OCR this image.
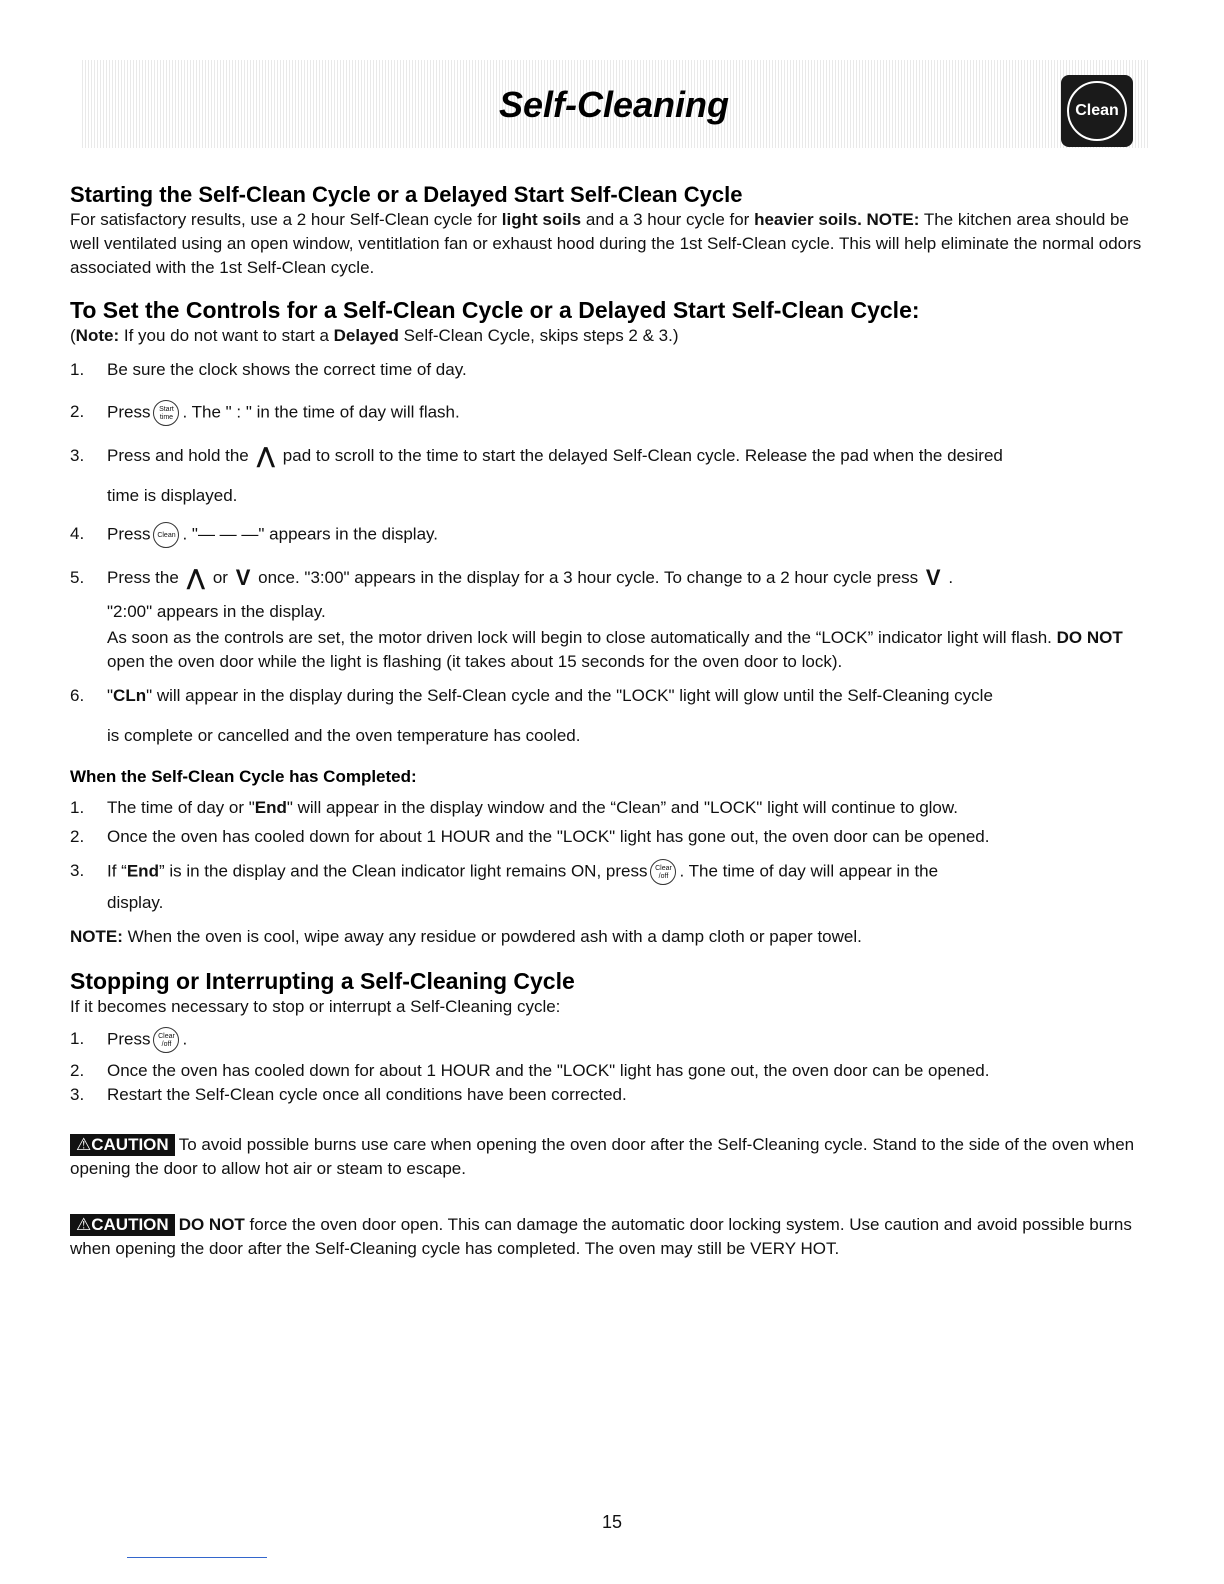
Self-Cleaning	Clean
Starting the Self-Clean Cycle or a Delayed Start Self-Clean Cycle

For satisfactory results, use a 2 hour Self-Clean cycle for light soils and a 3 hour cycle for heavier soils. NOTE: The kitchen area should be well ventilated using an open window, ventitlation fan or exhaust hood during the 1st Self-Clean cycle. This will help eliminate the normal odors associated with the 1st Self-Clean cycle.

To Set the Controls for a Self-Clean Cycle or a Delayed Start Self-Clean Cycle:

(Note: If you do not want to start a Delayed Self-Clean Cycle, skips steps 2 & 3.)

1. Be sure the clock shows the correct time of day.
2. Press Start time . The " : " in the time of day will flash.
3. Press and hold the ⋀ pad to scroll to the time to start the delayed Self-Clean cycle. Release the pad when the desired
time is displayed.
4. Press Clean . "— — —" appears in the display.
5. Press the ⋀ or V once. "3:00" appears in the display for a 3 hour cycle. To change to a 2 hour cycle press V .
"2:00" appears in the display.
As soon as the controls are set, the motor driven lock will begin to close automatically and the “LOCK” indicator light will flash. DO NOT open the oven door while the light is flashing (it takes about 15 seconds for the oven door to lock).
6. "CLn" will appear in the display during the Self-Clean cycle and the "LOCK" light will glow until the Self-Cleaning cycle
is complete or cancelled and the oven temperature has cooled.
When the Self-Clean Cycle has Completed:
1. The time of day or "End" will appear in the display window and the “Clean” and "LOCK" light will continue to glow.
2. Once the oven has cooled down for about 1 HOUR and the "LOCK" light has gone out, the oven door can be opened.
3. If “End” is in the display and the Clean indicator light remains ON, press Clear /off . The time of day will appear in the
display.

NOTE: When the oven is cool, wipe away any residue or powdered ash with a damp cloth or paper towel.

Stopping or Interrupting a Self-Cleaning Cycle

If it becomes necessary to stop or interrupt a Self-Cleaning cycle:

1. Press Clear /off .
2. Once the oven has cooled down for about 1 HOUR and the "LOCK" light has gone out, the oven door can be opened.
3. Restart the Self-Clean cycle once all conditions have been corrected.

⚠CAUTION To avoid possible burns use care when opening the oven door after the Self-Cleaning cycle. Stand to the side of the oven when opening the door to allow hot air or steam to escape.

⚠CAUTION DO NOT force the oven door open. This can damage the automatic door locking system. Use caution and avoid possible burns when opening the door after the Self-Cleaning cycle has completed. The oven may still be VERY HOT.

15
